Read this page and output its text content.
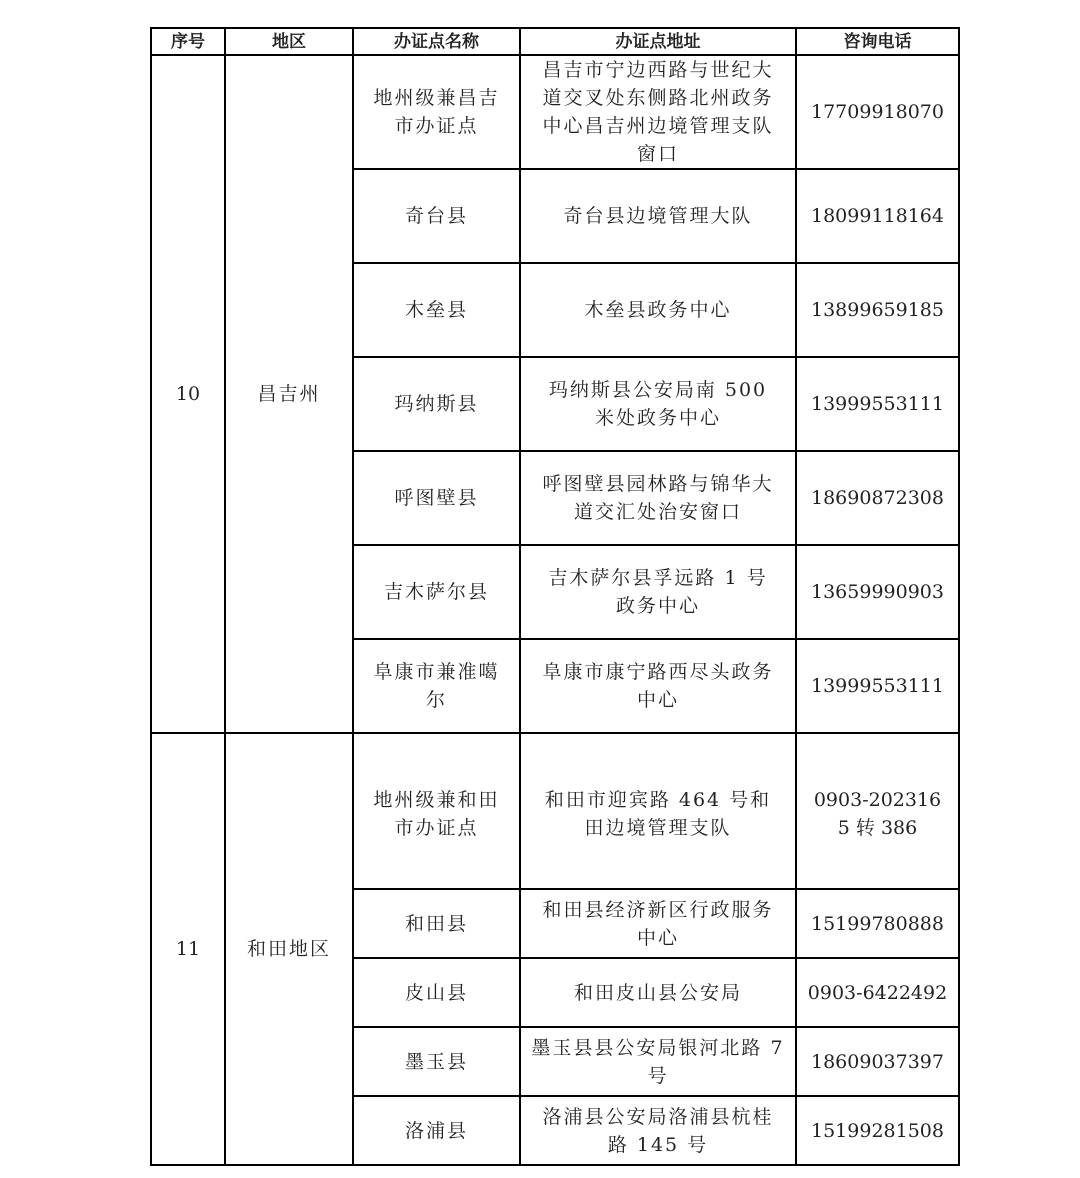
序号	地区	办证点名称	办证点地址	咨询电话
10	昌吉州	地州级兼昌吉市办证点	昌吉市宁边西路与世纪大道交叉处东侧路北州政务中心昌吉州边境管理支队窗口	17709918070
		奇台县	奇台县边境管理大队	18099118164
		木垒县	木垒县政务中心	13899659185
		玛纳斯县	玛纳斯县公安局南 500 米处政务中心	13999553111
		呼图壁县	呼图壁县园林路与锦华大道交汇处治安窗口	18690872308
		吉木萨尔县	吉木萨尔县孚远路 1 号政务中心	13659990903
		阜康市兼准噶尔	阜康市康宁路西尽头政务中心	13999553111
11	和田地区	地州级兼和田市办证点	和田市迎宾路 464 号和田边境管理支队	0903-2023165 转 386
		和田县	和田县经济新区行政服务中心	15199780888
		皮山县	和田皮山县公安局	0903-6422492
		墨玉县	墨玉县县公安局银河北路 7 号	18609037397
		洛浦县	洛浦县公安局洛浦县杭桂路 145 号	15199281508
